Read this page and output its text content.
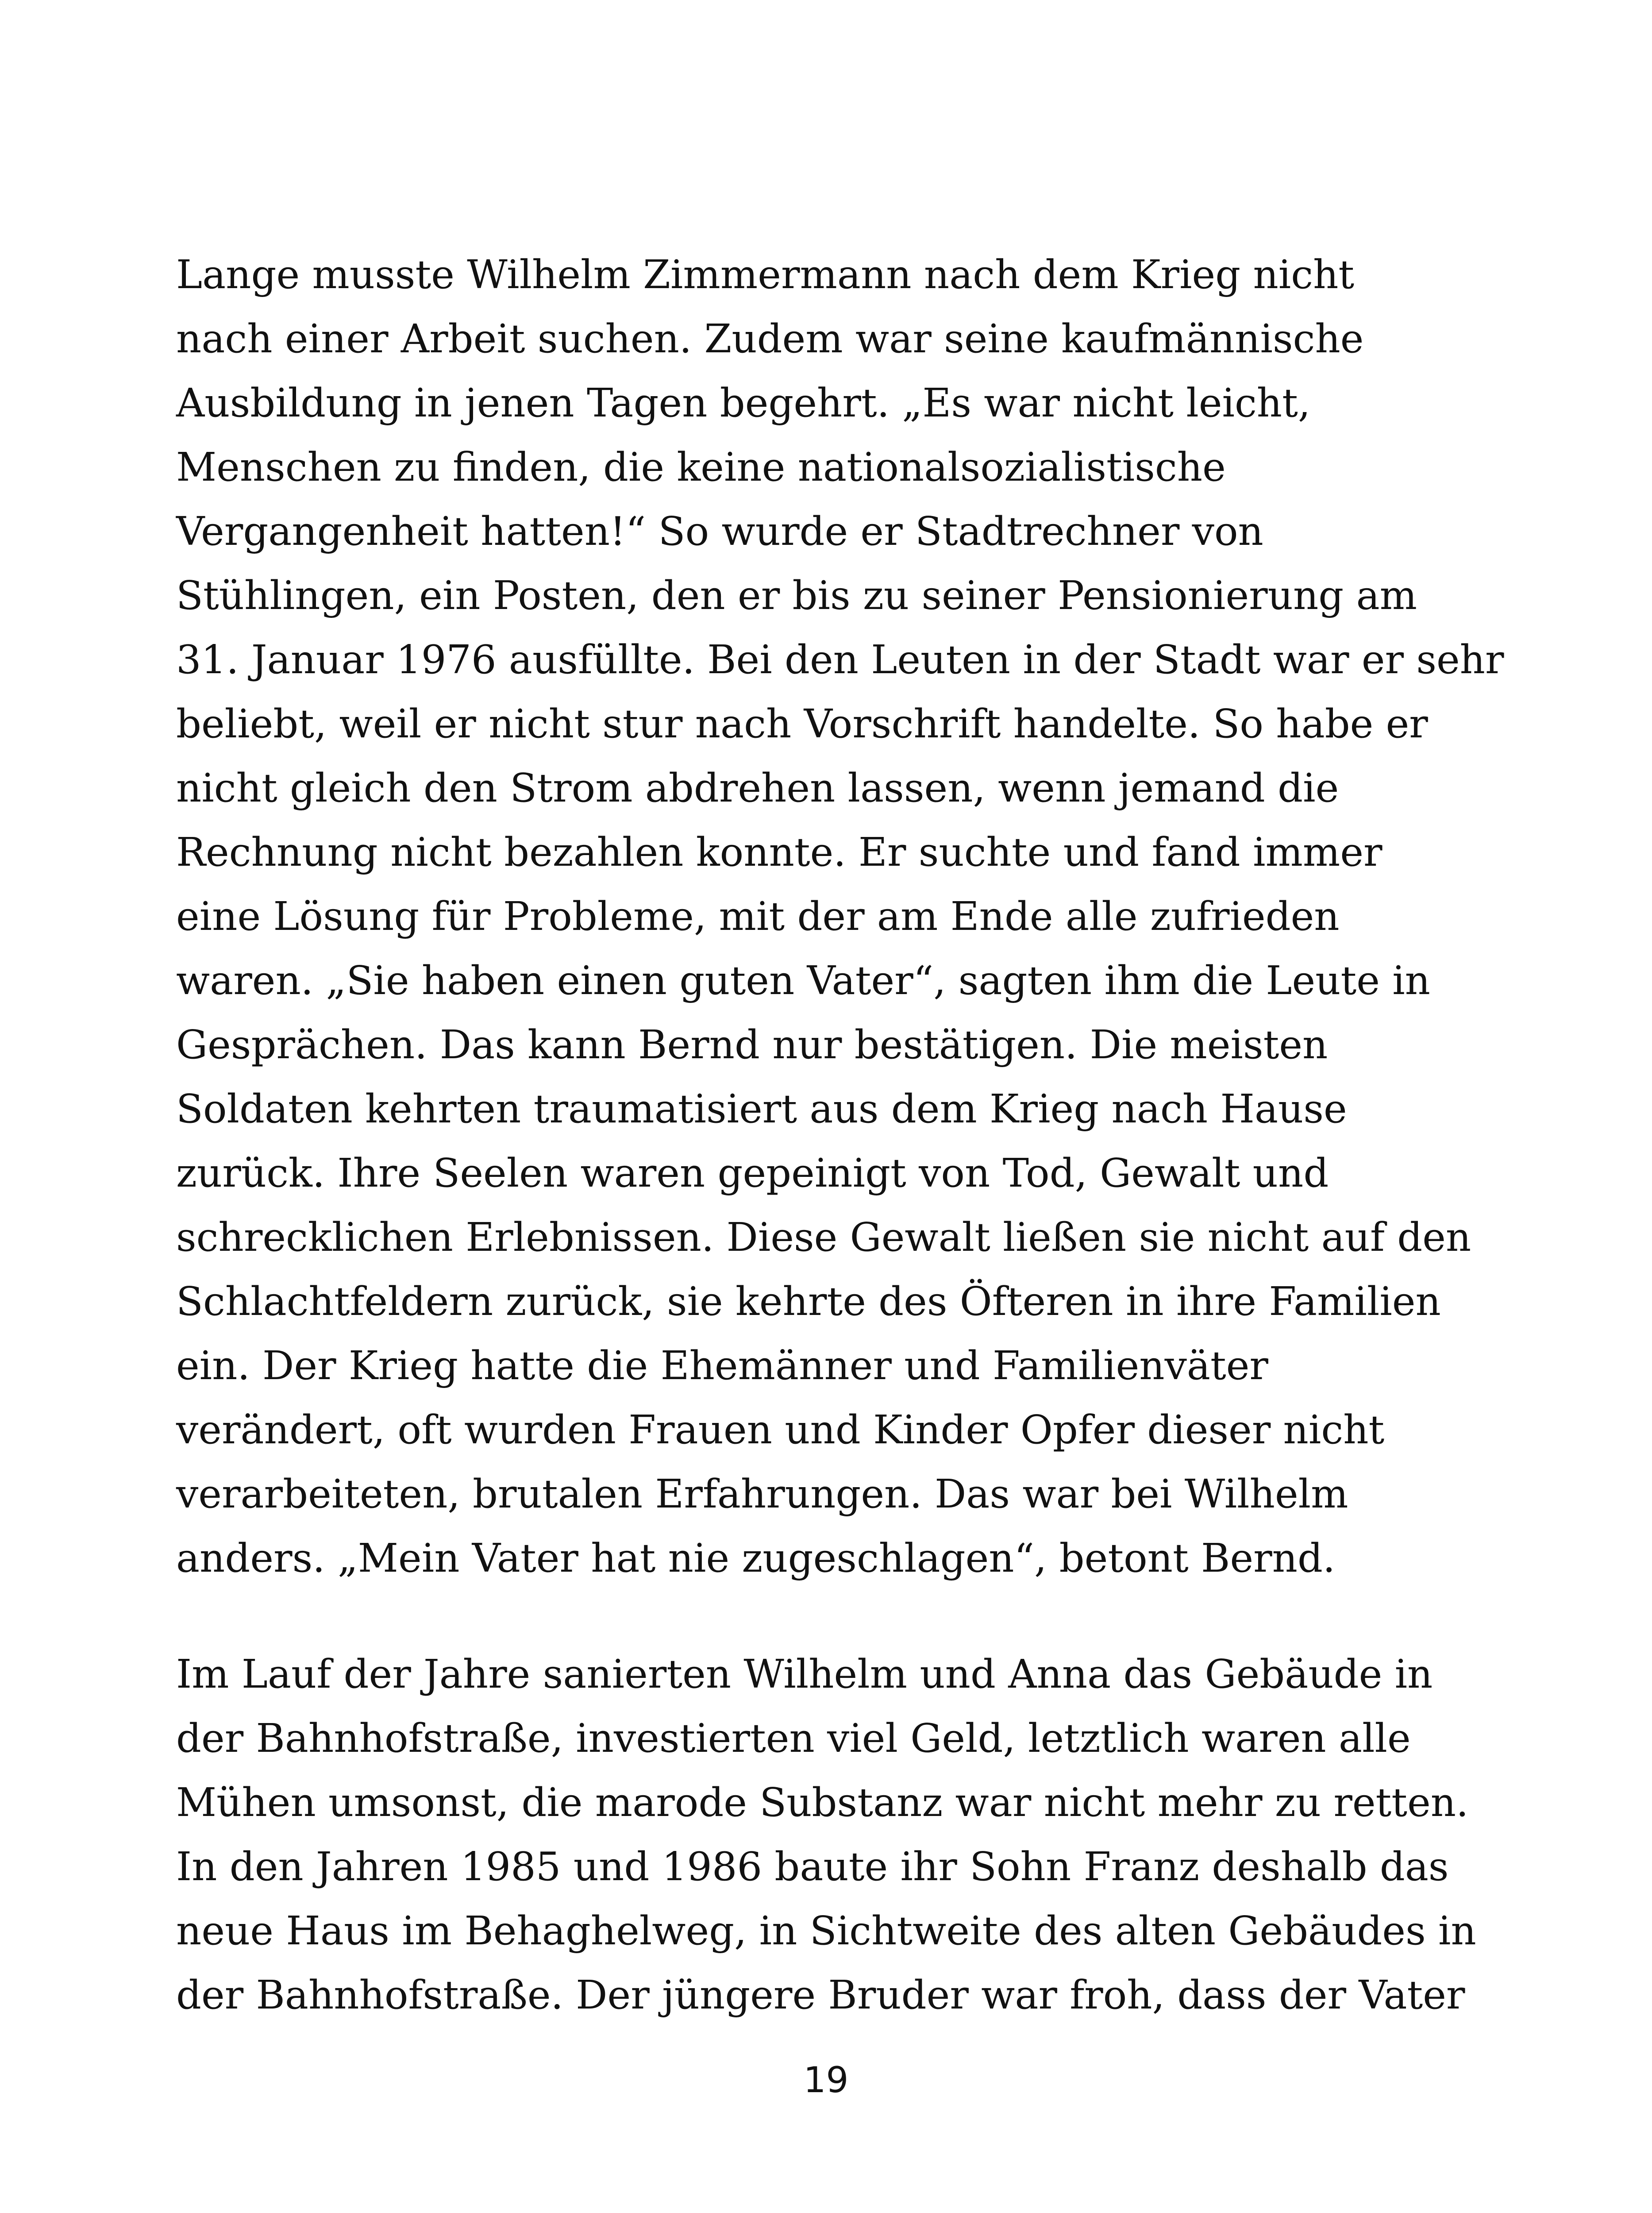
Lange musste Wilhelm Zimmermann nach dem Krieg nicht
nach einer Arbeit suchen. Zudem war seine kaufmännische
Ausbildung in jenen Tagen begehrt. „Es war nicht leicht,
Menschen zu finden, die keine nationalsozialistische
Vergangenheit hatten!“ So wurde er Stadtrechner von
Stühlingen, ein Posten, den er bis zu seiner Pensionierung am
31. Januar 1976 ausfüllte. Bei den Leuten in der Stadt war er sehr
beliebt, weil er nicht stur nach Vorschrift handelte. So habe er
nicht gleich den Strom abdrehen lassen, wenn jemand die
Rechnung nicht bezahlen konnte. Er suchte und fand immer
eine Lösung für Probleme, mit der am Ende alle zufrieden
waren. „Sie haben einen guten Vater“, sagten ihm die Leute in
Gesprächen. Das kann Bernd nur bestätigen. Die meisten
Soldaten kehrten traumatisiert aus dem Krieg nach Hause
zurück. Ihre Seelen waren gepeinigt von Tod, Gewalt und
schrecklichen Erlebnissen. Diese Gewalt ließen sie nicht auf den
Schlachtfeldern zurück, sie kehrte des Öfteren in ihre Familien
ein. Der Krieg hatte die Ehemänner und Familienväter
verändert, oft wurden Frauen und Kinder Opfer dieser nicht
verarbeiteten, brutalen Erfahrungen. Das war bei Wilhelm
anders. „Mein Vater hat nie zugeschlagen“, betont Bernd.
Im Lauf der Jahre sanierten Wilhelm und Anna das Gebäude in
der Bahnhofstraße, investierten viel Geld, letztlich waren alle
Mühen umsonst, die marode Substanz war nicht mehr zu retten.
In den Jahren 1985 und 1986 baute ihr Sohn Franz deshalb das
neue Haus im Behaghelweg, in Sichtweite des alten Gebäudes in
der Bahnhofstraße. Der jüngere Bruder war froh, dass der Vater
19
